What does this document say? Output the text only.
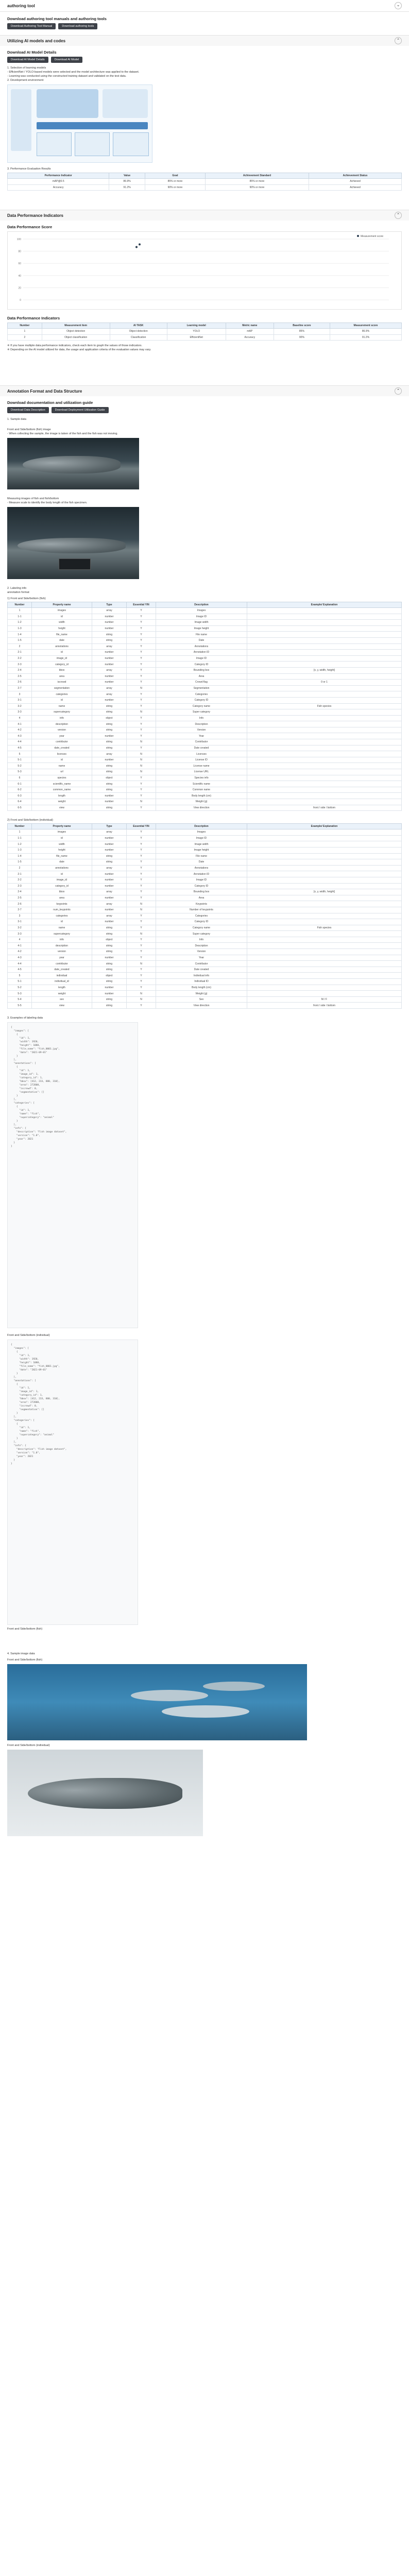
authoring tool	⌄
Download authoring tool manuals and authoring tools
Download Authoring Tool Manual	Download authoring tools
Utilizing AI models and codes	⌃
Download AI Model Details
Download AI Model Details	Download AI Model
1. Selection of learning models
- EfficientNet / YOLO-based models were selected and the model architecture was applied to the dataset.
- Learning was conducted using the constructed training dataset and validated on the test data.
2. Development environment
3. Performance Evaluation Results
Performance Indicator	Value	Goal	Achievement Standard	Achievement Status
mAP@0.5	86.9%	85% or more	85% or more	Achieved
Accuracy	91.2%	90% or more	90% or more	Achieved
Data Performance Indicators	⌃
Data Performance Score
100
80
60
40
20
0
Measurement score
Data Performance Indicators
Number	Measurement item	AI TASK	Learning model	Metric name	Baseline score	Measurement score
1	Object detection	Object detection	YOLO	mAP	85%	86.9%
2	Object classification	Classification	EfficientNet	Accuracy	90%	91.2%
※ If you have multiple data performance indicators, check each item to graph the values of those indicators.
※ Depending on the AI model utilized for data, the usage and application criteria of the evaluation values may vary.
Annotation Format and Data Structure	⌃
Download documentation and utilization guide
Download Data Description	Download Deployment Utilization Guide
1. Sample data
Front and Side/bottom (fish) image
- When collecting the sample, the image is taken of the fish and the fish was not moving.
Measuring images of fish and fish/bottom
- Measure scale to identify the body length of the fish specimen.
2. Labeling info
annotation format
1) Front and Side/bottom (fish)
Number	Property name	Type	Essential Y/N	Description	Example/ Explanation
1	images	array	Y	Images	
1-1	id	number	Y	Image ID	
1-2	width	number	Y	Image width	
1-3	height	number	Y	Image height	
1-4	file_name	string	Y	File name	
1-5	date	string	Y	Date	
2	annotations	array	Y	Annotations	
2-1	id	number	Y	Annotation ID	
2-2	image_id	number	Y	Image ID	
2-3	category_id	number	Y	Category ID	
2-4	bbox	array	Y	Bounding box	[x, y, width, height]
2-5	area	number	Y	Area	
2-6	iscrowd	number	Y	Crowd flag	0 or 1
2-7	segmentation	array	N	Segmentation	
3	categories	array	Y	Categories	
3-1	id	number	Y	Category ID	
3-2	name	string	Y	Category name	Fish species
3-3	supercategory	string	N	Super category	
4	info	object	Y	Info	
4-1	description	string	Y	Description	
4-2	version	string	Y	Version	
4-3	year	number	Y	Year	
4-4	contributor	string	N	Contributor	
4-5	date_created	string	Y	Date created	
5	licenses	array	N	Licenses	
5-1	id	number	N	License ID	
5-2	name	string	N	License name	
5-3	url	string	N	License URL	
6	species	object	Y	Species info	
6-1	scientific_name	string	Y	Scientific name	
6-2	common_name	string	Y	Common name	
6-3	length	number	Y	Body length (cm)	
6-4	weight	number	N	Weight (g)	
6-5	view	string	Y	View direction	front / side / bottom
2) Front and Side/bottom (individual)
Number	Property name	Type	Essential Y/N	Description	Example/ Explanation
1	images	array	Y	Images	
1-1	id	number	Y	Image ID	
1-2	width	number	Y	Image width	
1-3	height	number	Y	Image height	
1-4	file_name	string	Y	File name	
1-5	date	string	Y	Date	
2	annotations	array	Y	Annotations	
2-1	id	number	Y	Annotation ID	
2-2	image_id	number	Y	Image ID	
2-3	category_id	number	Y	Category ID	
2-4	bbox	array	Y	Bounding box	[x, y, width, height]
2-5	area	number	Y	Area	
2-6	keypoints	array	N	Keypoints	
2-7	num_keypoints	number	N	Number of keypoints	
3	categories	array	Y	Categories	
3-1	id	number	Y	Category ID	
3-2	name	string	Y	Category name	Fish species
3-3	supercategory	string	N	Super category	
4	info	object	Y	Info	
4-1	description	string	Y	Description	
4-2	version	string	Y	Version	
4-3	year	number	Y	Year	
4-4	contributor	string	N	Contributor	
4-5	date_created	string	Y	Date created	
5	individual	object	Y	Individual info	
5-1	individual_id	string	Y	Individual ID	
5-2	length	number	Y	Body length (cm)	
5-3	weight	number	N	Weight (g)	
5-4	sex	string	N	Sex	M / F
5-5	view	string	Y	View direction	front / side / bottom
3. Examples of labeling data
{
"images": [
{
"id": 1,
"width": 1920,
"height": 1080,
"file_name": "fish_0001.jpg",
"date": "2021-09-01"
}
],
"annotations": [
{
"id": 1,
"image_id": 1,
"category_id": 1,
"bbox": [412, 233, 880, 310],
"area": 272800,
"iscrowd": 0,
"segmentation": []
}
],
"categories": [
{
"id": 1,
"name": "fish",
"supercategory": "animal"
}
],
"info": {
"description": "Fish image dataset",
"version": "1.0",
"year": 2021
}
}
Front and Side/bottom (individual)
{
"images": [
{
"id": 1,
"width": 1920,
"height": 1080,
"file_name": "fish_0001.jpg",
"date": "2021-09-01"
}
],
"annotations": [
{
"id": 1,
"image_id": 1,
"category_id": 1,
"bbox": [412, 233, 880, 310],
"area": 272800,
"iscrowd": 0,
"segmentation": []
}
],
"categories": [
{
"id": 1,
"name": "fish",
"supercategory": "animal"
}
],
"info": {
"description": "Fish image dataset",
"version": "1.0",
"year": 2021
}
}
Front and Side/bottom (fish)
4. Sample image data
Front and Side/bottom (fish)
Front and Side/bottom (individual)
